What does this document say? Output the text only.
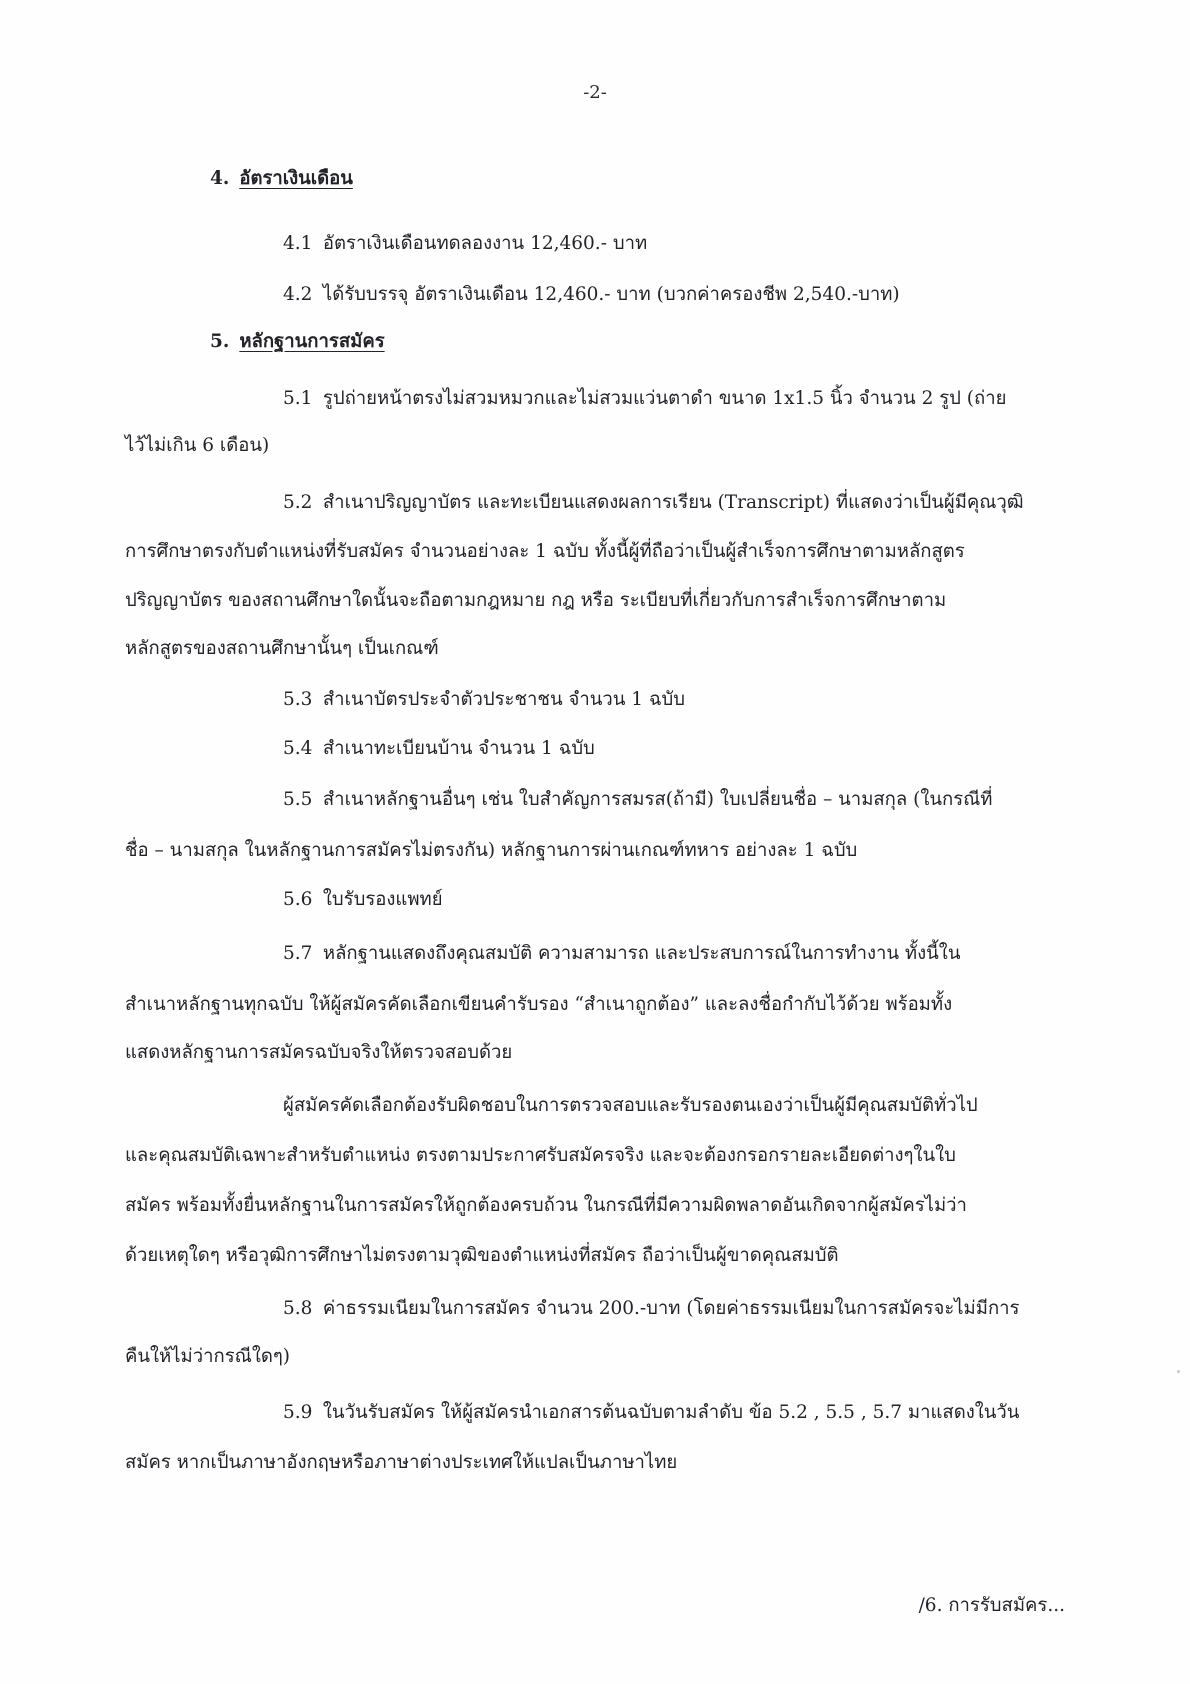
-2-
4. อัตราเงินเดือน
4.1 อัตราเงินเดือนทดลองงาน 12,460.- บาท
4.2 ได้รับบรรจุ อัตราเงินเดือน 12,460.- บาท (บวกค่าครองชีพ 2,540.-บาท)
5. หลักฐานการสมัคร
5.1 รูปถ่ายหน้าตรงไม่สวมหมวกและไม่สวมแว่นตาดำ ขนาด 1x1.5 นิ้ว จำนวน 2 รูป (ถ่าย
ไว้ไม่เกิน 6 เดือน)
5.2 สำเนาปริญญาบัตร และทะเบียนแสดงผลการเรียน (Transcript) ที่แสดงว่าเป็นผู้มีคุณวุฒิ
การศึกษาตรงกับตำแหน่งที่รับสมัคร จำนวนอย่างละ 1 ฉบับ ทั้งนี้ผู้ที่ถือว่าเป็นผู้สำเร็จการศึกษาตามหลักสูตร
ปริญญาบัตร ของสถานศึกษาใดนั้นจะถือตามกฎหมาย กฎ หรือ ระเบียบที่เกี่ยวกับการสำเร็จการศึกษาตาม
หลักสูตรของสถานศึกษานั้นๆ เป็นเกณฑ์
5.3 สำเนาบัตรประจำตัวประชาชน จำนวน 1 ฉบับ
5.4 สำเนาทะเบียนบ้าน จำนวน 1 ฉบับ
5.5 สำเนาหลักฐานอื่นๆ เช่น ใบสำคัญการสมรส(ถ้ามี) ใบเปลี่ยนชื่อ – นามสกุล (ในกรณีที่
ชื่อ – นามสกุล ในหลักฐานการสมัครไม่ตรงกัน) หลักฐานการผ่านเกณฑ์ทหาร อย่างละ 1 ฉบับ
5.6 ใบรับรองแพทย์
5.7 หลักฐานแสดงถึงคุณสมบัติ ความสามารถ และประสบการณ์ในการทำงาน ทั้งนี้ใน
สำเนาหลักฐานทุกฉบับ ให้ผู้สมัครคัดเลือกเขียนคำรับรอง “สำเนาถูกต้อง” และลงชื่อกำกับไว้ด้วย พร้อมทั้ง
แสดงหลักฐานการสมัครฉบับจริงให้ตรวจสอบด้วย
ผู้สมัครคัดเลือกต้องรับผิดชอบในการตรวจสอบและรับรองตนเองว่าเป็นผู้มีคุณสมบัติทั่วไป
และคุณสมบัติเฉพาะสำหรับตำแหน่ง ตรงตามประกาศรับสมัครจริง และจะต้องกรอกรายละเอียดต่างๆในใบ
สมัคร พร้อมทั้งยื่นหลักฐานในการสมัครให้ถูกต้องครบถ้วน ในกรณีที่มีความผิดพลาดอันเกิดจากผู้สมัครไม่ว่า
ด้วยเหตุใดๆ หรือวุฒิการศึกษาไม่ตรงตามวุฒิของตำแหน่งที่สมัคร ถือว่าเป็นผู้ขาดคุณสมบัติ
5.8 ค่าธรรมเนียมในการสมัคร จำนวน 200.-บาท (โดยค่าธรรมเนียมในการสมัครจะไม่มีการ
คืนให้ไม่ว่ากรณีใดๆ)
5.9 ในวันรับสมัคร ให้ผู้สมัครนำเอกสารต้นฉบับตามลำดับ ข้อ 5.2 , 5.5 , 5.7 มาแสดงในวัน
สมัคร หากเป็นภาษาอังกฤษหรือภาษาต่างประเทศให้แปลเป็นภาษาไทย
/6. การรับสมัคร...
